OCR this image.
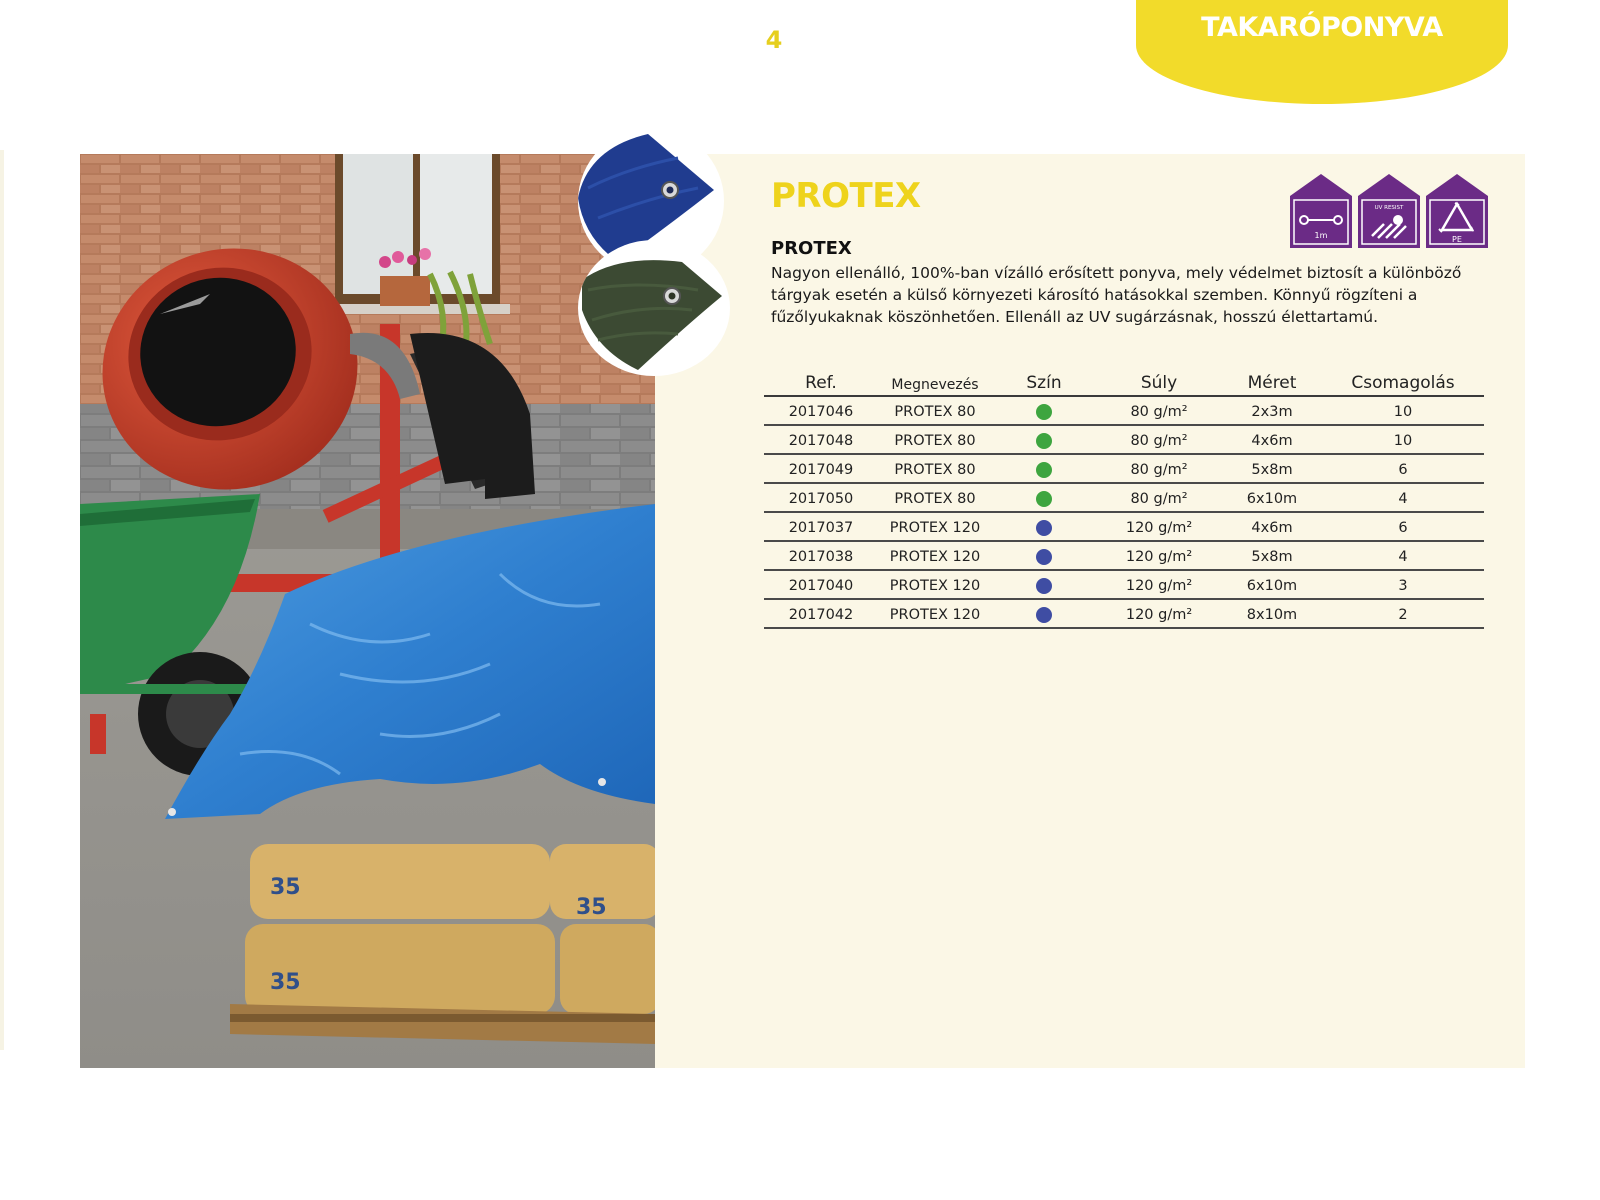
4	TAKARÓPONYVA
35
35
35
PROTEX
PROTEX
Nagyon ellenálló, 100%-ban vízálló erősített ponyva, mely védelmet biztosít a különböző tárgyak esetén a külső környezeti károsító hatásokkal szemben. Könnyű rögzíteni a fűzőlyukaknak köszönhetően. Ellenáll az UV sugárzásnak, hosszú élettartamú.
1m
UV RESIST
PE
Ref.	Megnevezés	Szín	Súly	Méret	Csomagolás
2017046	PROTEX 80		80 g/m²	2x3m	10
2017048	PROTEX 80		80 g/m²	4x6m	10
2017049	PROTEX 80		80 g/m²	5x8m	6
2017050	PROTEX 80		80 g/m²	6x10m	4
2017037	PROTEX 120		120 g/m²	4x6m	6
2017038	PROTEX 120		120 g/m²	5x8m	4
2017040	PROTEX 120		120 g/m²	6x10m	3
2017042	PROTEX 120		120 g/m²	8x10m	2
